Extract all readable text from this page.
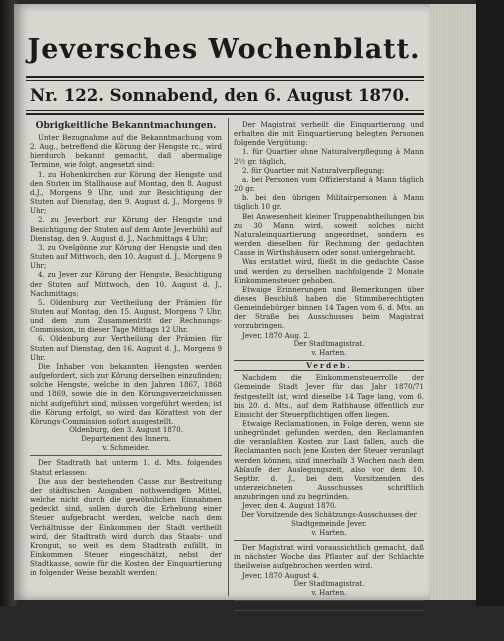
Jeversches Wochenblatt.
Nr. 122. Sonnabend, den 6. August 1870.

Obrigkeitliche Bekanntmachungen.

Unter Bezugnahme auf die Bekanntmachung vom 2. Aug., betreffend die Körung der Hengste rc., wird hierdurch bekannt gemacht, daß abermalige Termine, wie folgt, angesetzt sind:

1. zu Hohenkirchen zur Körung der Hengste und den Stuten im Stallhause auf Montag, den 8. August d.J., Morgens 9 Uhr, und zur Besichtigung der Stuten auf Dienstag, den 9. August d. J., Morgens 9 Uhr;

2. zu Jeverbort zur Körung der Hengste und Besichtigung der Stuten auf dem Amte Jeverbühl auf Dienstag, den 9. August d. J., Nachmittags 4 Uhr;

3. zu Ovelgönne zur Körung der Hengste und den Stuten auf Mittwoch, den 10. August d. J., Morgens 9 Uhr;

4. zu Jever zur Körung der Hengste, Besichtigung der Stuten auf Mittwoch, den 10. August d. J., Nachmittags;

5. Oldenburg zur Vertheilung der Prämien für Stuten auf Montag, den 15. August, Morgens 7 Uhr, und dem zum Zusammentritt der Rechnungs-Commission, in dieser Tage Mittags 12 Uhr.

6. Oldenburg zur Vertheilung der Prämien für Stuten auf Dienstag, den 16. August d. J., Morgens 9 Uhr.

Die Inhaber von bekannten Hengsten werden aufgefordert, sich zur Körung derselben einzufinden; solche Hengste, welche in den Jahren 1867, 1868 und 1869, sowie die in den Körungsverzeichnissen nicht aufgeführt sind, müssen vorgeführt werden; ist die Körung erfolgt, so wird das Körattest von der Körungs-Commission sofort ausgestellt.

Oldenburg, den 3. August 1870.

Departement des Innern.

v. Schmeider.

Der Stadtrath hat unterm 1. d. Mts. folgendes Statut erlassen:

Die aus der bestehenden Casse zur Bestreitung der städtischen Ausgaben nothwendigen Mittel, welche nicht durch die gewöhnlichen Einnahmen gedeckt sind, sollen durch die Erhebung einer Steuer aufgebracht werden, welche nach dem Verhältnisse der Einkommen der Stadt vertheilt wird, der Stadtrath wird durch das Staats- und Krongut, so weit es dem Stadtrath zufällt, in Einkommen Steuer eingeschätzt, nebst der Stadtkasse, sowie für die Kosten der Einquartierung in folgender Weise bezahlt werden:

Der Magistrat verheilt die Einquartierung und erhalten die mit Einquartierung belegten Personen folgende Vergütung:

1. für Quartier ohne Naturalverpflegung à Mann 2½ gr. täglich,

2. für Quartier mit Naturalverpflegung:

a. bei Personen vom Offizierstand à Mann täglich 20 gr.

b. bei den übrigen Militairpersonen à Mann täglich 10 gr.

Bei Anwesenheit kleiner Truppenabtheilungen bis zu 30 Mann wird, soweit solches nicht Naturaleinquartierung angeordnet, sondern es werden dieselben für Rechnung der gedachten Casse in Wirthshäusern oder sonst untergebracht.

Was erstattet wird, fließt in die gedachte Casse und werden zu derselben nachfolgende 2 Monate Einkommensteuer gehoben.

Etwaige Erinnerungen und Bemerkungen über dieses Beschluß haben die Stimmberechtigten Gemeindebürger binnen 14 Tagen vom 6. d. Mts. an der Straße bei Ausschusses beim Magistrat vorzubringen.

Jever, 1870 Aug. 2.

Der Stadtmagistrat.

v. Harten.

Verdeb.

Nachdem die Einkommensteuerrolle der Gemeinde Stadt Jever für das Jahr 1870/71 festgestellt ist, wird dieselbe 14 Tage lang, vom 6. bis 20. d. Mts., auf dem Rathhause öffentlich zur Einsicht der Steuerpflichtigen offen liegen.

Etwaige Reclamationen, in Folge deren, wenn sie unbegründet gefunden werden, den Reclamanten die veranlaßten Kosten zur Last fallen, auch die Reclamanten noch jene Kosten der Steuer veranlagt werden können, sind innerhalb 3 Wochen nach dem Ablaufe der Auslegungszeit, also vor dem 10. Septbr. d. J., bei dem Vorsitzenden des unterzeichneten Ausschusses schriftlich anzubringen und zu begründen.

Jever, den 4. August 1870.

Der Vorsitzende des Schätzungs-Ausschusses der Stadtgemeinde Jever.

v. Harten.

Der Magistrat wird voraussichtlich gemacht, daß in nächster Woche das Pflaster auf der Schlachte theilweise aufgebrochen werden wird.

Jever, 1870 August 4.

Der Stadtmagistrat.

v. Harten.

Verdeb.

Der Stadtdiener Franz wird in den nächsten Tagen zur Dienstbotenkrankencasse beitragen zu einer Dienstboten einen Beitrag von 5 gl.
